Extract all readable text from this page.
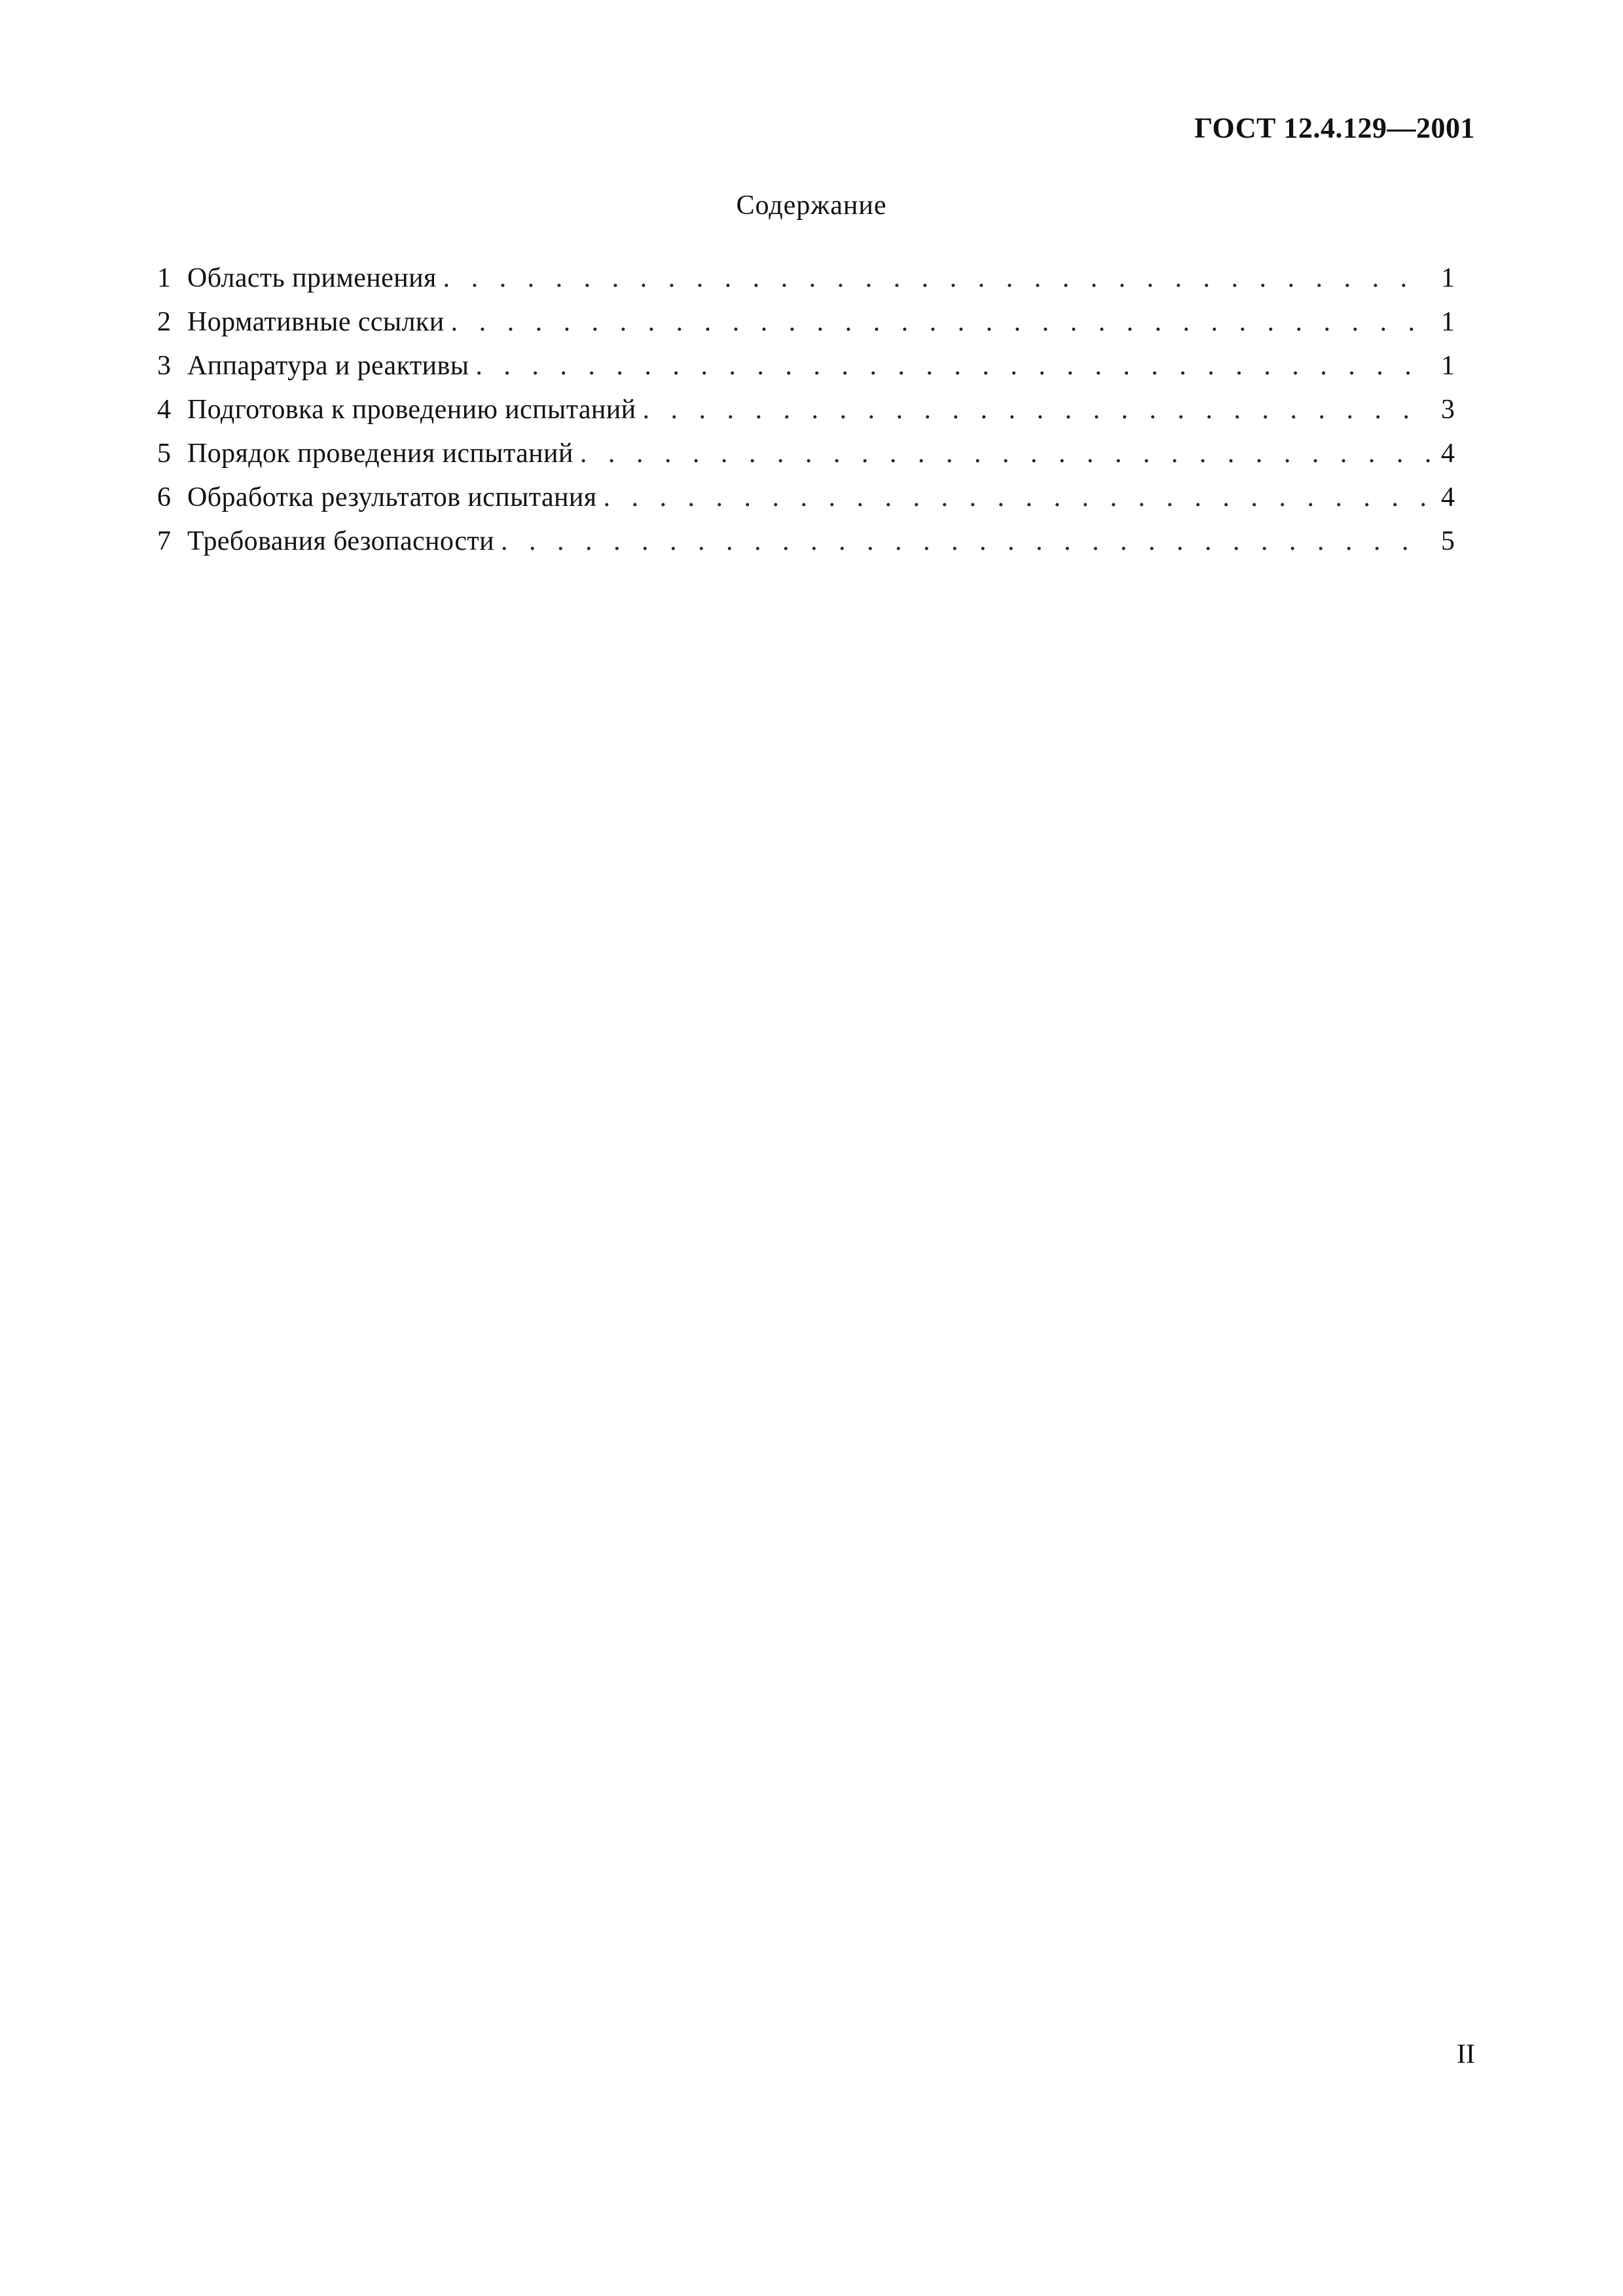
ГОСТ 12.4.129—2001
Содержание
1 Область применения . . .	1
2 Нормативные ссылки . . .	1
3 Аппаратура и реактивы . . .	1
4 Подготовка к проведению испытаний . . .	3
5 Порядок проведения испытаний . . .	4
6 Обработка результатов испытания . . .	4
7 Требования безопасности . . .	5
II
